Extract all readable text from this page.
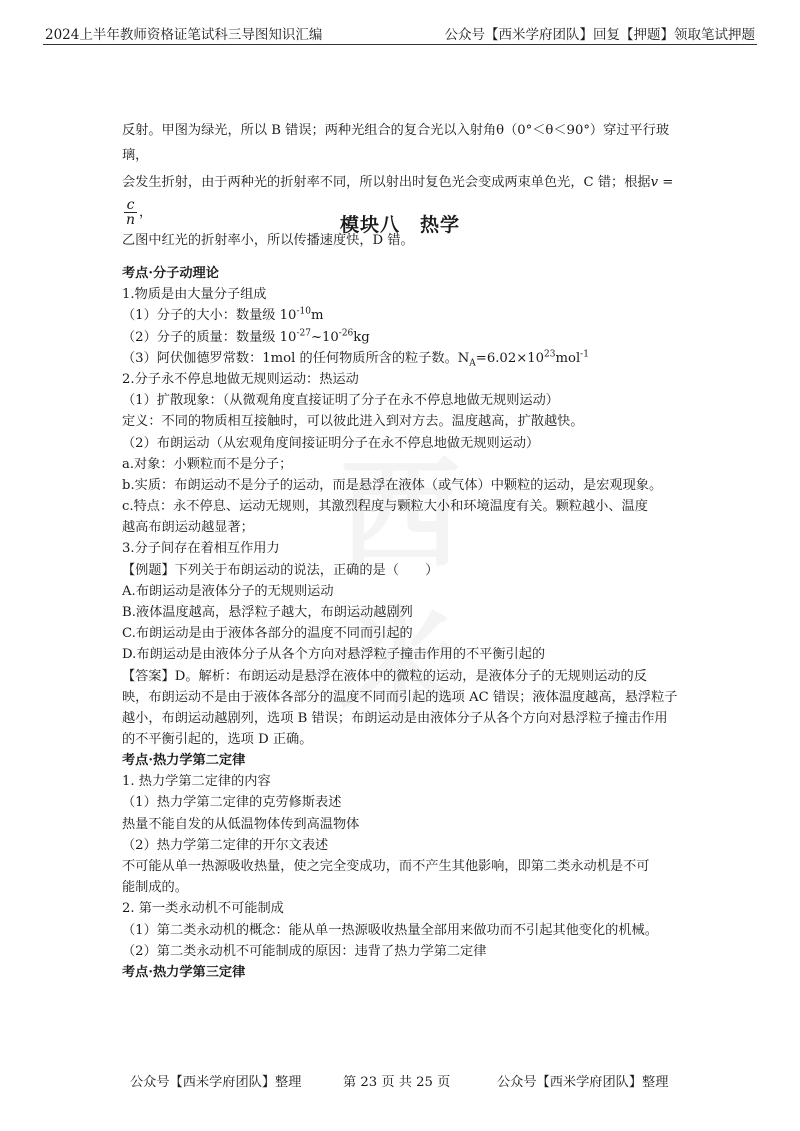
2024上半年教师资格证笔试科三导图知识汇编	公众号【西米学府团队】回复【押题】领取笔试押题

反射。甲图为绿光，所以 B 错误；两种光组合的复合光以入射角θ（0°＜θ＜90°）穿过平行玻璃，

会发生折射，由于两种光的折射率不同，所以射出时复色光会变成两束单色光，C 错；根据v =
$\frac{c}{n}$ ，

乙图中红光的折射率小，所以传播速度快，D 错。

模块八　热学
考点·分子动理论
1.物质是由大量分子组成
（1）分子的大小：数量级 $10^{-10}m$
（2）分子的质量：数量级 $10^{-27}\sim 10^{-26}kg$
（3）阿伏伽德罗常数：1mol 的任何物质所含的粒子数。$N_A=6.02\times 10^{23}mol^{-1}$
2.分子永不停息地做无规则运动：热运动
（1）扩散现象：（从微观角度直接证明了分子在永不停息地做无规则运动）
定义：不同的物质相互接触时，可以彼此进入到对方去。温度越高，扩散越快。
（2）布朗运动（从宏观角度间接证明分子在永不停息地做无规则运动）
a.对象：小颗粒而不是分子；
b.实质：布朗运动不是分子的运动，而是悬浮在液体（或气体）中颗粒的运动，是宏观现象。
c.特点：永不停息、运动无规则，其激烈程度与颗粒大小和环境温度有关。颗粒越小、温度
越高布朗运动越显著；
3.分子间存在着相互作用力
【例题】下列关于布朗运动的说法，正确的是（　　）
A.布朗运动是液体分子的无规则运动
B.液体温度越高，悬浮粒子越大，布朗运动越剧列
C.布朗运动是由于液体各部分的温度不同而引起的
D.布朗运动是由液体分子从各个方向对悬浮粒子撞击作用的不平衡引起的
【答案】D。解析：布朗运动是悬浮在液体中的微粒的运动，是液体分子的无规则运动的反
映，布朗运动不是由于液体各部分的温度不同而引起的选项 AC 错误；液体温度越高，悬浮粒子
越小，布朗运动越剧列，选项 B 错误；布朗运动是由液体分子从各个方向对悬浮粒子撞击作用
的不平衡引起的，选项 D 正确。
考点·热力学第二定律
1. 热力学第二定律的内容
（1）热力学第二定律的克劳修斯表述
热量不能自发的从低温物体传到高温物体
（2）热力学第二定律的开尔文表述
不可能从单一热源吸收热量，使之完全变成功，而不产生其他影响，即第二类永动机是不可
能制成的。
2. 第一类永动机不可能制成
（1）第二类永动机的概念：能从单一热源吸收热量全部用来做功而不引起其他变化的机械。
（2）第二类永动机不可能制成的原因：违背了热力学第二定律
考点·热力学第三定律
公众号【西米学府团队】整理	第 23 页 共 25 页	公众号【西米学府团队】整理
